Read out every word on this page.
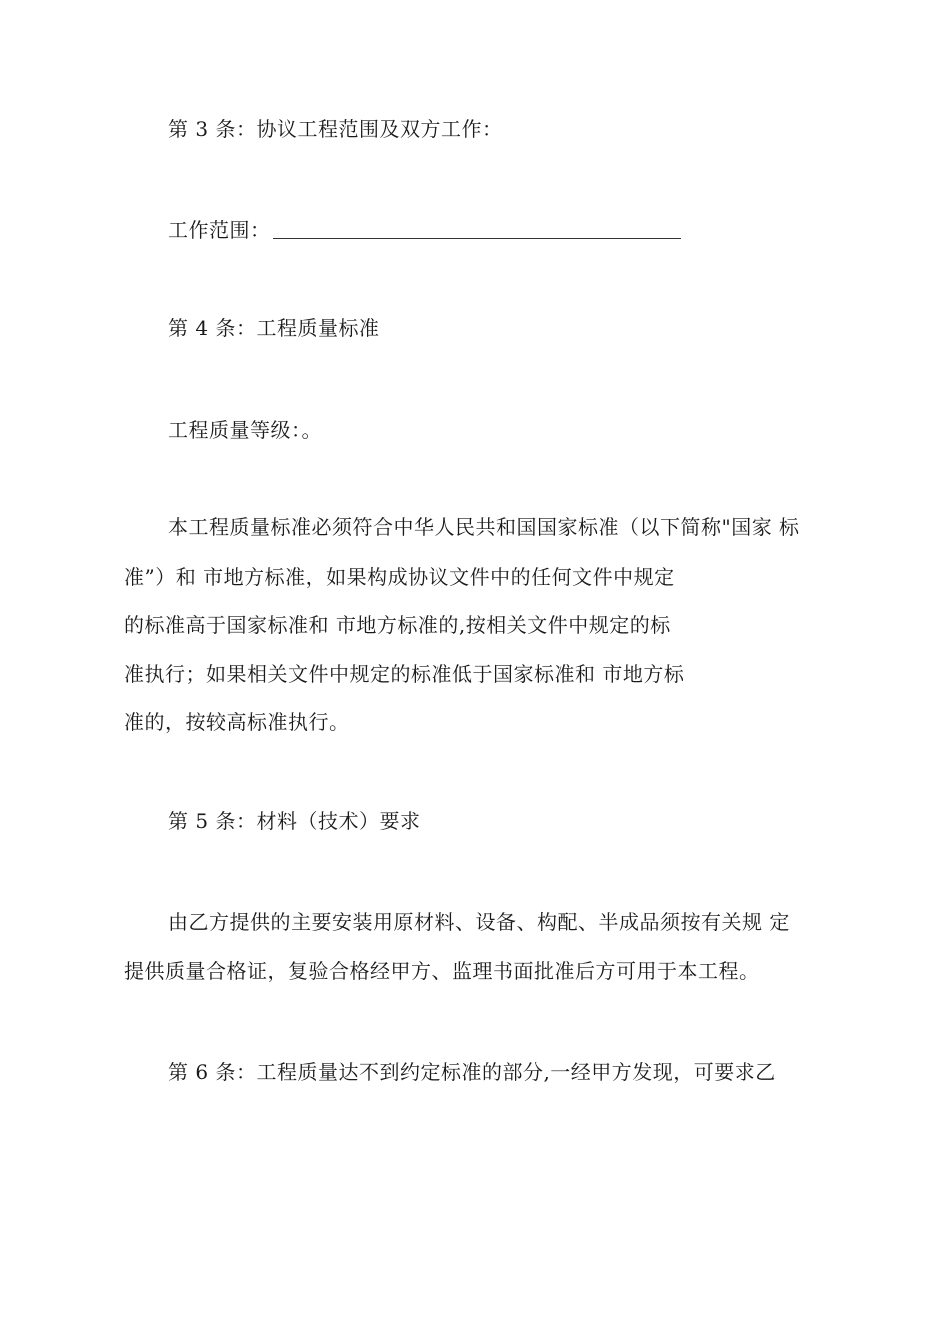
第 3 条：协议工程范围及双方工作：
工作范围：
第 4 条：工程质量标准
工程质量等级：。
本工程质量标准必须符合中华人民共和国国家标准（以下简称"国家 标
准”）和 市地方标准，如果构成协议文件中的任何文件中规定
的标准高于国家标准和 市地方标准的,按相关文件中规定的标
准执行；如果相关文件中规定的标准低于国家标准和 市地方标
准的，按较高标准执行。
第 5 条：材料（技术）要求
由乙方提供的主要安装用原材料、设备、构配、半成品须按有关规 定
提供质量合格证，复验合格经甲方、监理书面批准后方可用于本工程。
第 6 条：工程质量达不到约定标准的部分,一经甲方发现，可要求乙
